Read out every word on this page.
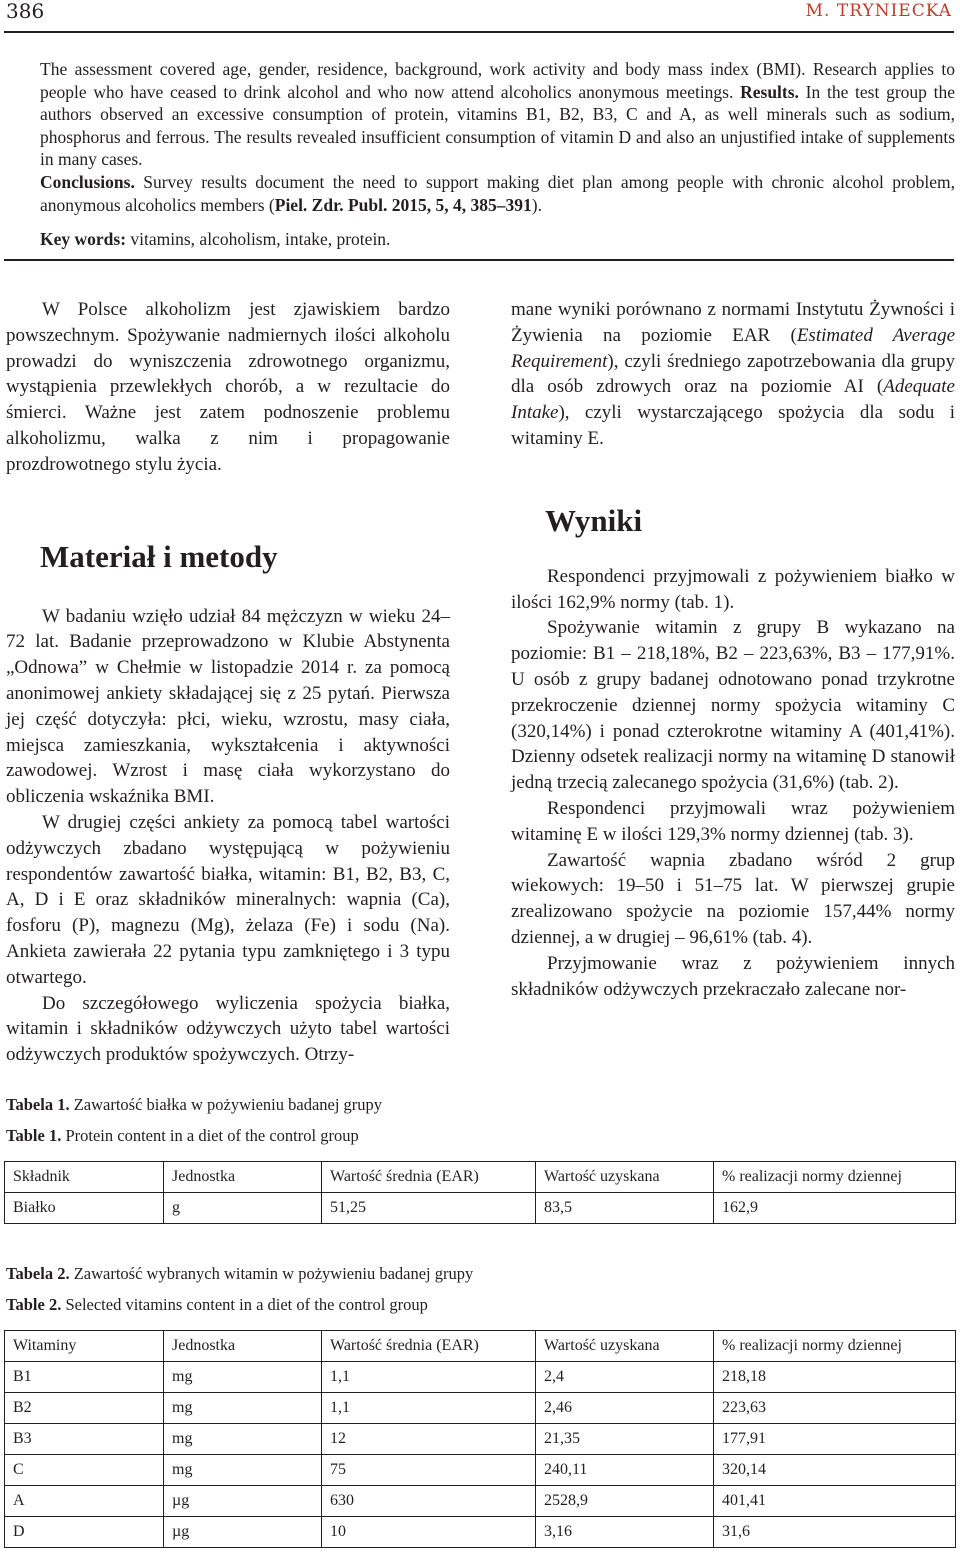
386	M. TRYNIECKA

The assessment covered age, gender, residence, background, work activity and body mass index (BMI). Research applies to people who have ceased to drink alcohol and who now attend alcoholics anonymous meetings. Results. In the test group the authors observed an excessive consumption of protein, vitamins B1, B2, B3, C and A, as well minerals such as sodium, phosphorus and ferrous. The results revealed insufficient consumption of vitamin D and also an unjustified intake of supplements in many cases.
Conclusions. Survey results document the need to support making diet plan among people with chronic alcohol problem, anonymous alcoholics members (Piel. Zdr. Publ. 2015, 5, 4, 385–391).

Key words: vitamins, alcoholism, intake, protein.

W Polsce alkoholizm jest zjawiskiem bardzo powszechnym. Spożywanie nadmiernych ilości alkoholu prowadzi do wyniszczenia zdrowotnego organizmu, wystąpienia przewlekłych chorób, a w rezultacie do śmierci. Ważne jest zatem podnoszenie problemu alkoholizmu, walka z nim i propagowanie prozdrowotnego stylu życia.

Materiał i metody

W badaniu wzięło udział 84 mężczyzn w wieku 24–72 lat. Badanie przeprowadzono w Klubie Abstynenta „Odnowa” w Chełmie w listopadzie 2014 r. za pomocą anonimowej ankiety składającej się z 25 pytań. Pierwsza jej część dotyczyła: płci, wieku, wzrostu, masy ciała, miejsca zamieszkania, wykształcenia i aktywności zawodowej. Wzrost i masę ciała wykorzystano do obliczenia wskaźnika BMI.

W drugiej części ankiety za pomocą tabel wartości odżywczych zbadano występującą w pożywieniu respondentów zawartość białka, witamin: B1, B2, B3, C, A, D i E oraz składników mineralnych: wapnia (Ca), fosforu (P), magnezu (Mg), żelaza (Fe) i sodu (Na). Ankieta zawierała 22 pytania typu zamkniętego i 3 typu otwartego.

Do szczegółowego wyliczenia spożycia białka, witamin i składników odżywczych użyto tabel wartości odżywczych produktów spożywczych. Otrzy-

mane wyniki porównano z normami Instytutu Żywności i Żywienia na poziomie EAR (Estimated Average Requirement), czyli średniego zapotrzebowania dla grupy dla osób zdrowych oraz na poziomie AI (Adequate Intake), czyli wystarczającego spożycia dla sodu i witaminy E.

Wyniki

Respondenci przyjmowali z pożywieniem białko w ilości 162,9% normy (tab. 1).

Spożywanie witamin z grupy B wykazano na poziomie: B1 – 218,18%, B2 – 223,63%, B3 – 177,91%. U osób z grupy badanej odnotowano ponad trzykrotne przekroczenie dziennej normy spożycia witaminy C (320,14%) i ponad czterokrotne witaminy A (401,41%). Dzienny odsetek realizacji normy na witaminę D stanowił jedną trzecią zalecanego spożycia (31,6%) (tab. 2).

Respondenci przyjmowali wraz pożywieniem witaminę E w ilości 129,3% normy dziennej (tab. 3).

Zawartość wapnia zbadano wśród 2 grup wiekowych: 19–50 i 51–75 lat. W pierwszej grupie zrealizowano spożycie na poziomie 157,44% normy dziennej, a w drugiej – 96,61% (tab. 4).

Przyjmowanie wraz z pożywieniem innych składników odżywczych przekraczało zalecane nor-

Tabela 1. Zawartość białka w pożywieniu badanej grupy
Table 1. Protein content in a diet of the control group
Składnik	Jednostka	Wartość średnia (EAR)	Wartość uzyskana	% realizacji normy dziennej
Białko	g	51,25	83,5	162,9
Tabela 2. Zawartość wybranych witamin w pożywieniu badanej grupy
Table 2. Selected vitamins content in a diet of the control group
Witaminy	Jednostka	Wartość średnia (EAR)	Wartość uzyskana	% realizacji normy dziennej
B1	mg	1,1	2,4	218,18
B2	mg	1,1	2,46	223,63
B3	mg	12	21,35	177,91
C	mg	75	240,11	320,14
A	µg	630	2528,9	401,41
D	µg	10	3,16	31,6
